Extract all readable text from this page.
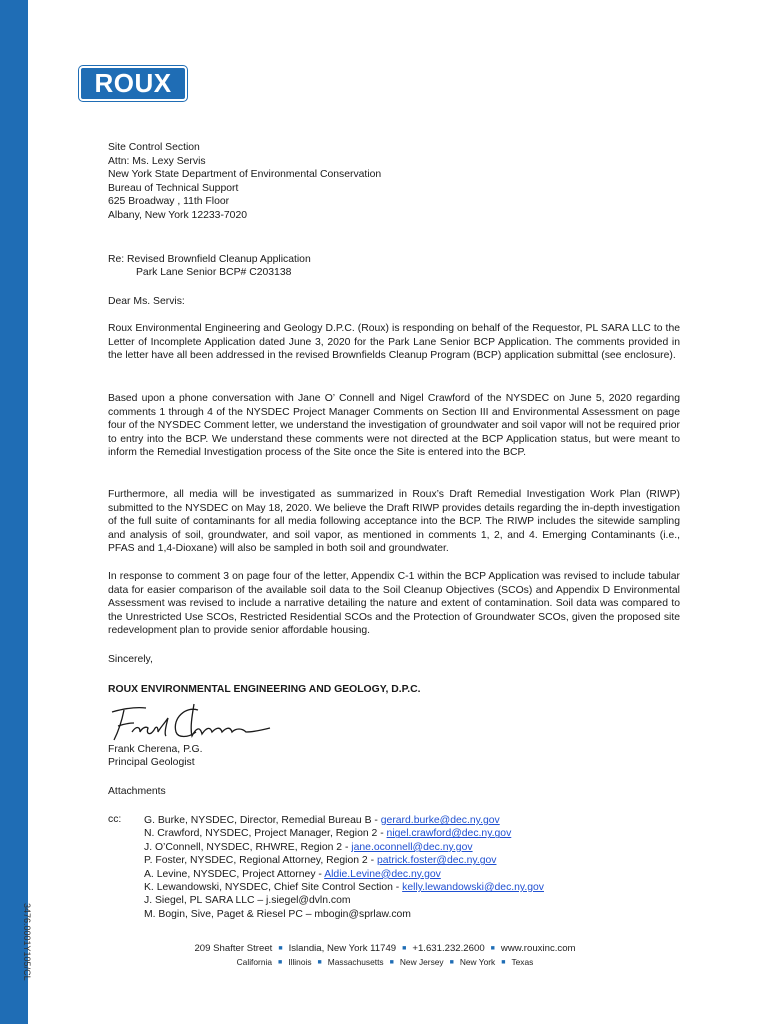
3476.0001Y105/CL
ROUX
Site Control Section
Attn: Ms. Lexy Servis
New York State Department of Environmental Conservation
Bureau of Technical Support
625 Broadway , 11th Floor
Albany, New York 12233-7020
Re: Revised Brownfield Cleanup Application
Park Lane Senior BCP# C203138
Dear Ms. Servis:

Roux Environmental Engineering and Geology D.P.C. (Roux) is responding on behalf of the Requestor, PL SARA LLC to the Letter of Incomplete Application dated June 3, 2020 for the Park Lane Senior BCP Application. The comments provided in the letter have all been addressed in the revised Brownfields Cleanup Program (BCP) application submittal (see enclosure).

Based upon a phone conversation with Jane O’ Connell and Nigel Crawford of the NYSDEC on June 5, 2020 regarding comments 1 through 4 of the NYSDEC Project Manager Comments on Section III and Environmental Assessment on page four of the NYSDEC Comment letter, we understand the investigation of groundwater and soil vapor will not be required prior to entry into the BCP. We understand these comments were not directed at the BCP Application status, but were meant to inform the Remedial Investigation process of the Site once the Site is entered into the BCP.

Furthermore, all media will be investigated as summarized in Roux’s Draft Remedial Investigation Work Plan (RIWP) submitted to the NYSDEC on May 18, 2020. We believe the Draft RIWP provides details regarding the in-depth investigation of the full suite of contaminants for all media following acceptance into the BCP. The RIWP includes the sitewide sampling and analysis of soil, groundwater, and soil vapor, as mentioned in comments 1, 2, and 4. Emerging Contaminants (i.e., PFAS and 1,4-Dioxane) will also be sampled in both soil and groundwater.

In response to comment 3 on page four of the letter, Appendix C-1 within the BCP Application was revised to include tabular data for easier comparison of the available soil data to the Soil Cleanup Objectives (SCOs) and Appendix D Environmental Assessment was revised to include a narrative detailing the nature and extent of contamination. Soil data was compared to the Unrestricted Use SCOs, Restricted Residential SCOs and the Protection of Groundwater SCOs, given the proposed site redevelopment plan to provide senior affordable housing.

Sincerely,
ROUX ENVIRONMENTAL ENGINEERING AND GEOLOGY, D.P.C.
Frank Cherena, P.G.
Principal Geologist
Attachments
cc: G. Burke, NYSDEC, Director, Remedial Bureau B - gerard.burke@dec.ny.gov
N. Crawford, NYSDEC, Project Manager, Region 2 - nigel.crawford@dec.ny.gov
J. O’Connell, NYSDEC, RHWRE, Region 2 - jane.oconnell@dec.ny.gov
P. Foster, NYSDEC, Regional Attorney, Region 2 - patrick.foster@dec.ny.gov
A. Levine, NYSDEC, Project Attorney - Aldie.Levine@dec.ny.gov
K. Lewandowski, NYSDEC, Chief Site Control Section - kelly.lewandowski@dec.ny.gov
J. Siegel, PL SARA LLC – j.siegel@dvln.com
M. Bogin, Sive, Paget & Riesel PC – mbogin@sprlaw.com
209 Shafter Street ■ Islandia, New York 11749 ■ +1.631.232.2600 ■ www.rouxinc.com
California ■ Illinois ■ Massachusetts ■ New Jersey ■ New York ■ Texas
